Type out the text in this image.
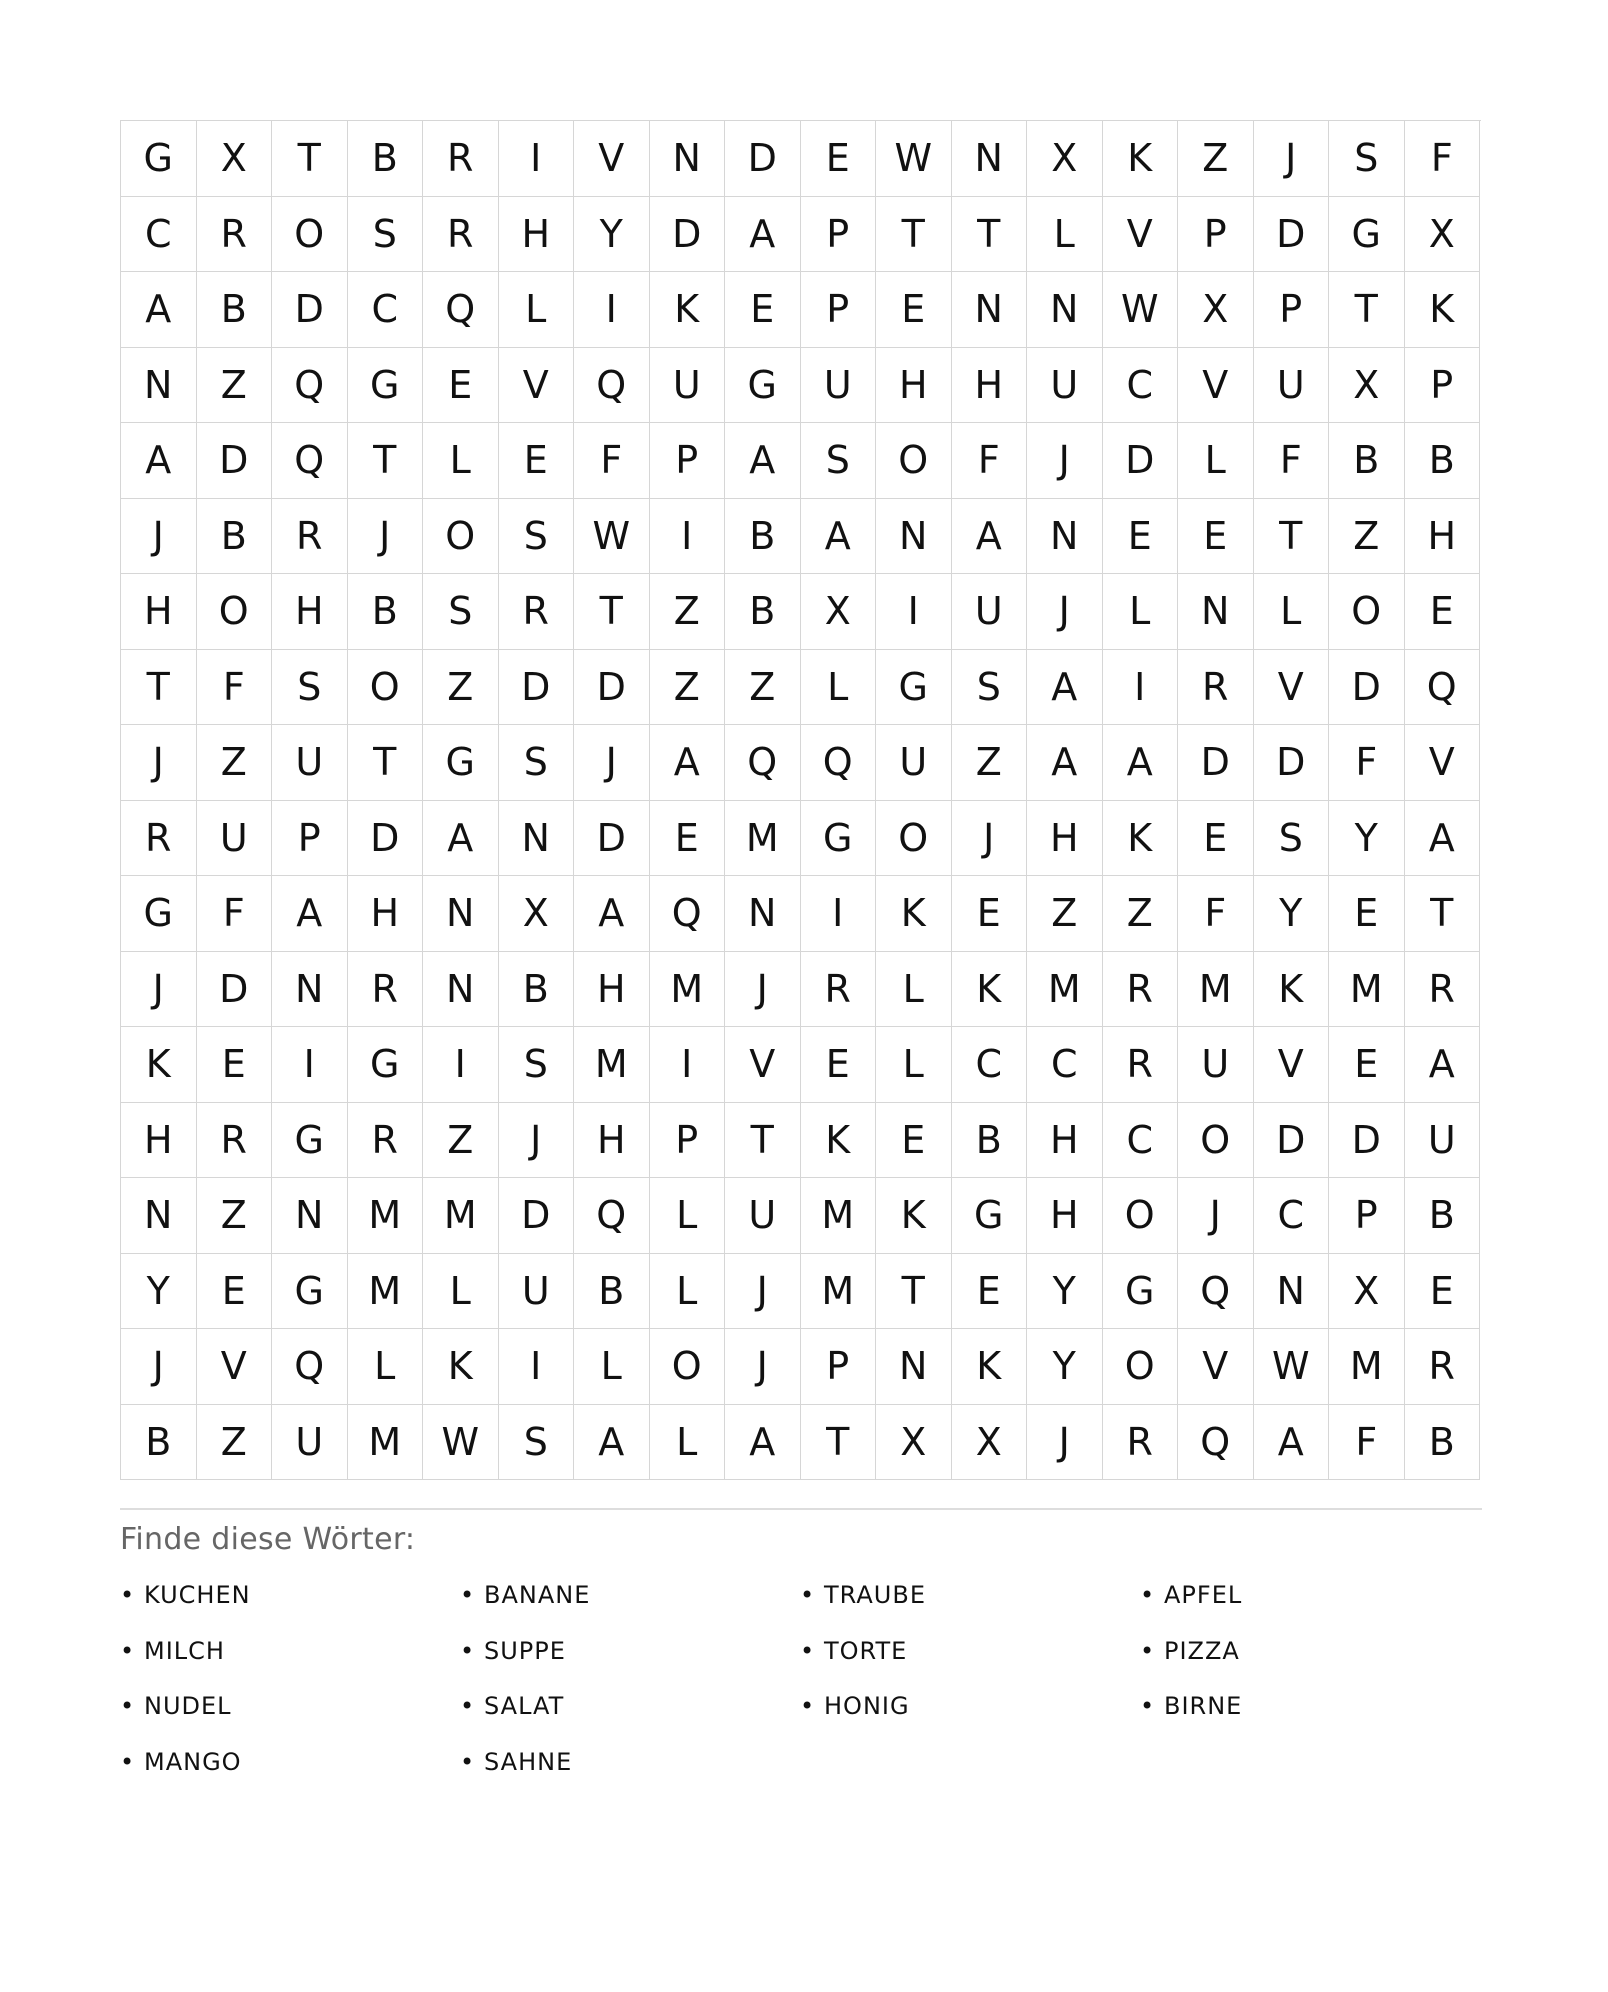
G	X	T	B	R	I	V	N	D	E	W	N	X	K	Z	J	S	F
C	R	O	S	R	H	Y	D	A	P	T	T	L	V	P	D	G	X
A	B	D	C	Q	L	I	K	E	P	E	N	N	W	X	P	T	K
N	Z	Q	G	E	V	Q	U	G	U	H	H	U	C	V	U	X	P
A	D	Q	T	L	E	F	P	A	S	O	F	J	D	L	F	B	B
J	B	R	J	O	S	W	I	B	A	N	A	N	E	E	T	Z	H
H	O	H	B	S	R	T	Z	B	X	I	U	J	L	N	L	O	E
T	F	S	O	Z	D	D	Z	Z	L	G	S	A	I	R	V	D	Q
J	Z	U	T	G	S	J	A	Q	Q	U	Z	A	A	D	D	F	V
R	U	P	D	A	N	D	E	M	G	O	J	H	K	E	S	Y	A
G	F	A	H	N	X	A	Q	N	I	K	E	Z	Z	F	Y	E	T
J	D	N	R	N	B	H	M	J	R	L	K	M	R	M	K	M	R
K	E	I	G	I	S	M	I	V	E	L	C	C	R	U	V	E	A
H	R	G	R	Z	J	H	P	T	K	E	B	H	C	O	D	D	U
N	Z	N	M	M	D	Q	L	U	M	K	G	H	O	J	C	P	B
Y	E	G	M	L	U	B	L	J	M	T	E	Y	G	Q	N	X	E
J	V	Q	L	K	I	L	O	J	P	N	K	Y	O	V	W	M	R
B	Z	U	M	W	S	A	L	A	T	X	X	J	R	Q	A	F	B
Finde diese Wörter:
• KUCHEN	• BANANE	• TRAUBE	• APFEL
• MILCH	• SUPPE	• TORTE	• PIZZA
• NUDEL	• SALAT	• HONIG	• BIRNE
• MANGO	• SAHNE
